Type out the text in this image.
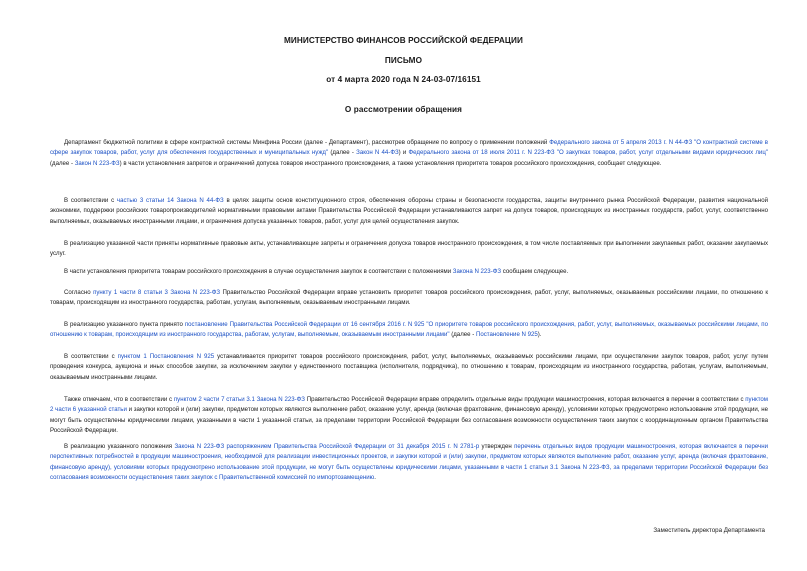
МИНИСТЕРСТВО ФИНАНСОВ РОССИЙСКОЙ ФЕДЕРАЦИИ
ПИСЬМО
от 4 марта 2020 года N 24-03-07/16151
О рассмотрении обращения

Департамент бюджетной политики в сфере контрактной системы Минфина России (далее - Департамент), рассмотрев обращение по вопросу о применении положений Федерального закона от 5 апреля 2013 г. N 44-ФЗ "О контрактной системе в сфере закупок товаров, работ, услуг для обеспечения государственных и муниципальных нужд" (далее - Закон N 44-ФЗ) и Федерального закона от 18 июля 2011 г. N 223-ФЗ "О закупках товаров, работ, услуг отдельными видами юридических лиц" (далее - Закон N 223-ФЗ) в части установления запретов и ограничений допуска товаров иностранного происхождения, а также установления приоритета товаров российского происхождения, сообщает следующее.

В соответствии с частью 3 статьи 14 Закона N 44-ФЗ в целях защиты основ конституционного строя, обеспечения обороны страны и безопасности государства, защиты внутреннего рынка Российской Федерации, развития национальной экономики, поддержки российских товаропроизводителей нормативными правовыми актами Правительства Российской Федерации устанавливаются запрет на допуск товаров, происходящих из иностранных государств, работ, услуг, соответственно выполняемых, оказываемых иностранными лицами, и ограничения допуска указанных товаров, работ, услуг для целей осуществления закупок.

В реализацию указанной части приняты нормативные правовые акты, устанавливающие запреты и ограничения допуска товаров иностранного происхождения, в том числе поставляемых при выполнении закупаемых работ, оказании закупаемых услуг.

В части установления приоритета товарам российского происхождения в случае осуществления закупок в соответствии с положениями Закона N 223-ФЗ сообщаем следующее.

Согласно пункту 1 части 8 статьи 3 Закона N 223-ФЗ Правительство Российской Федерации вправе установить приоритет товаров российского происхождения, работ, услуг, выполняемых, оказываемых российскими лицами, по отношению к товарам, происходящим из иностранного государства, работам, услугам, выполняемым, оказываемым иностранными лицами.

В реализацию указанного пункта принято постановление Правительства Российской Федерации от 16 сентября 2016 г. N 925 "О приоритете товаров российского происхождения, работ, услуг, выполняемых, оказываемых российскими лицами, по отношению к товарам, происходящим из иностранного государства, работам, услугам, выполняемым, оказываемым иностранными лицами" (далее - Постановление N 925).

В соответствии с пунктом 1 Постановления N 925 устанавливается приоритет товаров российского происхождения, работ, услуг, выполняемых, оказываемых российскими лицами, при осуществлении закупок товаров, работ, услуг путем проведения конкурса, аукциона и иных способов закупки, за исключением закупки у единственного поставщика (исполнителя, подрядчика), по отношению к товарам, происходящим из иностранного государства, работам, услугам, выполняемым, оказываемым иностранными лицами.

Также отмечаем, что в соответствии с пунктом 2 части 7 статьи 3.1 Закона N 223-ФЗ Правительство Российской Федерации вправе определить отдельные виды продукции машиностроения, которая включается в перечни в соответствии с пунктом 2 части 6 указанной статьи и закупки которой и (или) закупки, предметом которых являются выполнение работ, оказание услуг, аренда (включая фрахтование, финансовую аренду), условиями которых предусмотрено использование этой продукции, не могут быть осуществлены юридическими лицами, указанными в части 1 указанной статьи, за пределами территории Российской Федерации без согласования возможности осуществления таких закупок с координационным органом Правительства Российской Федерации.

В реализацию указанного положения Закона N 223-ФЗ распоряжением Правительства Российской Федерации от 31 декабря 2015 г. N 2781-р утвержден перечень отдельных видов продукции машиностроения, которая включается в перечни перспективных потребностей в продукции машиностроения, необходимой для реализации инвестиционных проектов, и закупки которой и (или) закупки, предметом которых являются выполнение работ, оказание услуг, аренда (включая фрахтование, финансовую аренду), условиями которых предусмотрено использование этой продукции, не могут быть осуществлены юридическими лицами, указанными в части 1 статьи 3.1 Закона N 223-ФЗ, за пределами территории Российской Федерации без согласования возможности осуществления таких закупок с Правительственной комиссией по импортозамещению.

Заместитель директора Департамента
